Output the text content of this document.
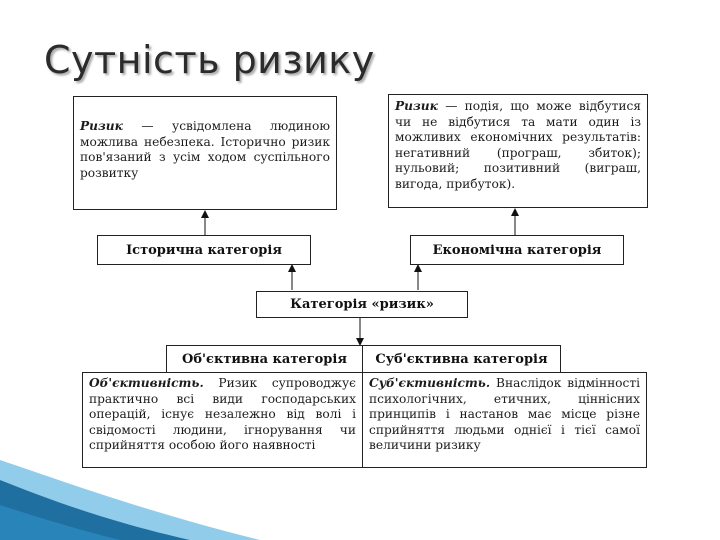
Сутність ризику
Ризик — усвідомлена людиною можлива небезпека. Історично ризик пов'язаний з усім ходом суспільного розвитку
Ризик — подія, що може відбутися чи не відбутися та мати один із можливих економічних результатів: негативний (програш, збиток); нульовий; позитивний (виграш, вигода, прибуток).
Історична категорія	Економічна категорія
Категорія «ризик»
Об'єктивна категорія Суб'єктивна категорія
Об'єктивність. Ризик супроводжує практично всі види господарських операцій, існує незалежно від волі і свідомості людини, ігнорування чи сприйняття особою його наявності
Суб'єктивність. Внаслідок відмінності психологічних, етичних, ціннісних принципів і настанов має місце різне сприйняття людьми однієї і тієї самої величини ризику
